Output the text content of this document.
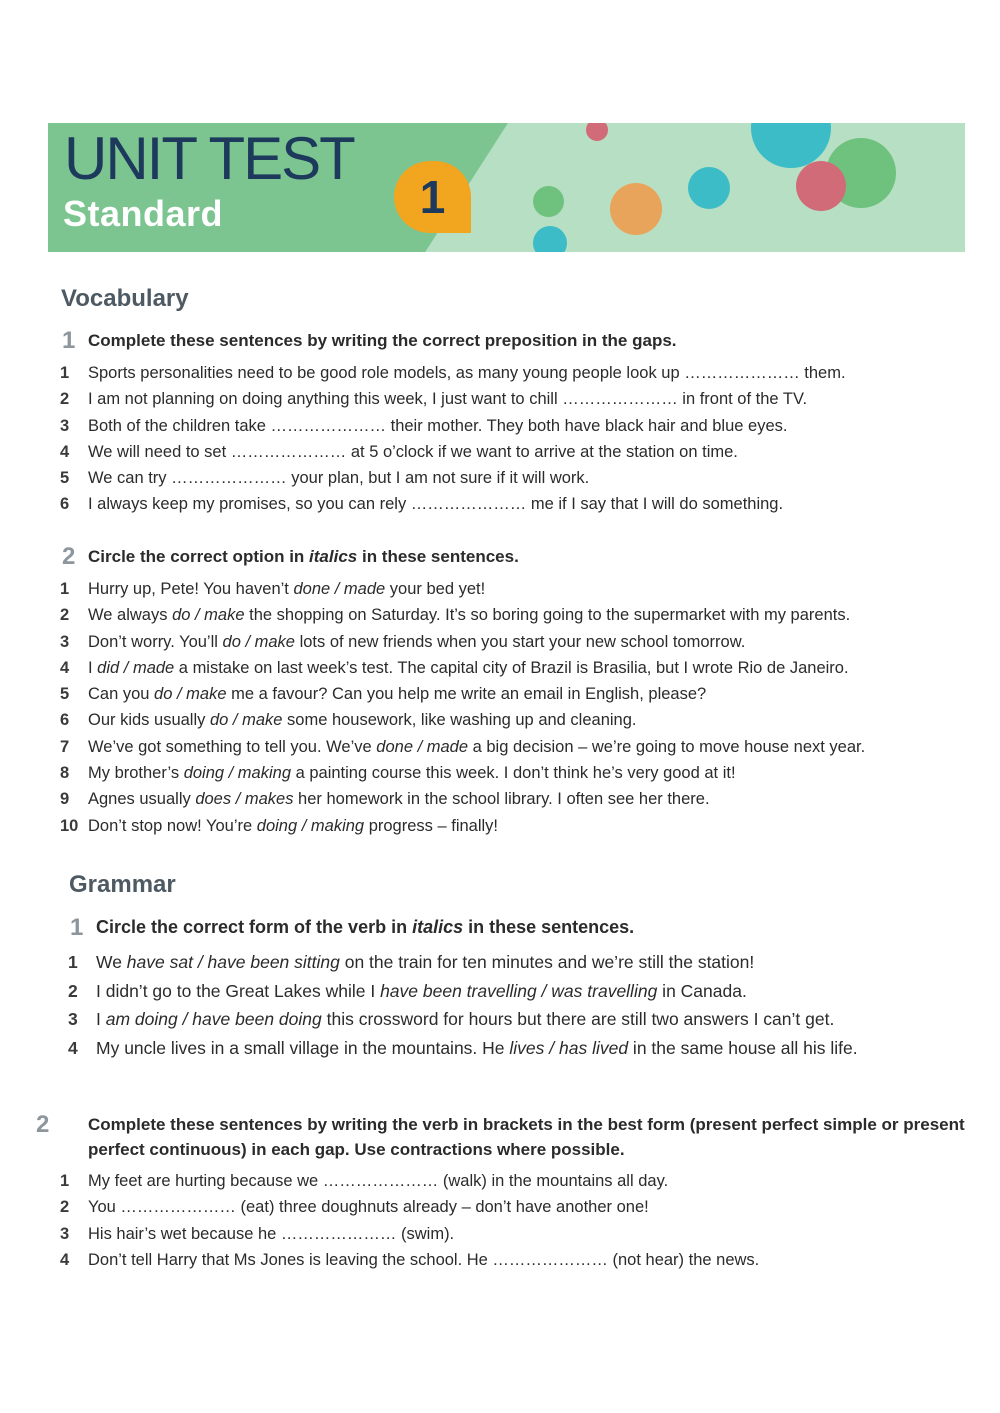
UNIT TEST
Standard	1
Vocabulary
1 Complete these sentences by writing the correct preposition in the gaps.
1 Sports personalities need to be good role models, as many young people look up ………………… them.
2 I am not planning on doing anything this week, I just want to chill ………………… in front of the TV.
3 Both of the children take ………………… their mother. They both have black hair and blue eyes.
4 We will need to set ………………… at 5 o’clock if we want to arrive at the station on time.
5 We can try ………………… your plan, but I am not sure if it will work.
6 I always keep my promises, so you can rely ………………… me if I say that I will do something.
2 Circle the correct option in italics in these sentences.
1 Hurry up, Pete! You haven’t done / made your bed yet!
2 We always do / make the shopping on Saturday. It’s so boring going to the supermarket with my parents.
3 Don’t worry. You’ll do / make lots of new friends when you start your new school tomorrow.
4 I did / made a mistake on last week’s test. The capital city of Brazil is Brasilia, but I wrote Rio de Janeiro.
5 Can you do / make me a favour? Can you help me write an email in English, please?
6 Our kids usually do / make some housework, like washing up and cleaning.
7 We’ve got something to tell you. We’ve done / made a big decision – we’re going to move house next year.
8 My brother’s doing / making a painting course this week. I don’t think he’s very good at it!
9 Agnes usually does / makes her homework in the school library. I often see her there.
10 Don’t stop now! You’re doing / making progress – finally!
Grammar
1 Circle the correct form of the verb in italics in these sentences.
1 We have sat / have been sitting on the train for ten minutes and we’re still the station!
2 I didn’t go to the Great Lakes while I have been travelling / was travelling in Canada.
3 I am doing / have been doing this crossword for hours but there are still two answers I can’t get.
4 My uncle lives in a small village in the mountains. He lives / has lived in the same house all his life.
2 Complete these sentences by writing the verb in brackets in the best form (present perfect simple or present perfect continuous) in each gap. Use contractions where possible.
1 My feet are hurting because we ………………… (walk) in the mountains all day.
2 You ………………… (eat) three doughnuts already – don’t have another one!
3 His hair’s wet because he ………………… (swim).
4 Don’t tell Harry that Ms Jones is leaving the school. He ………………… (not hear) the news.
